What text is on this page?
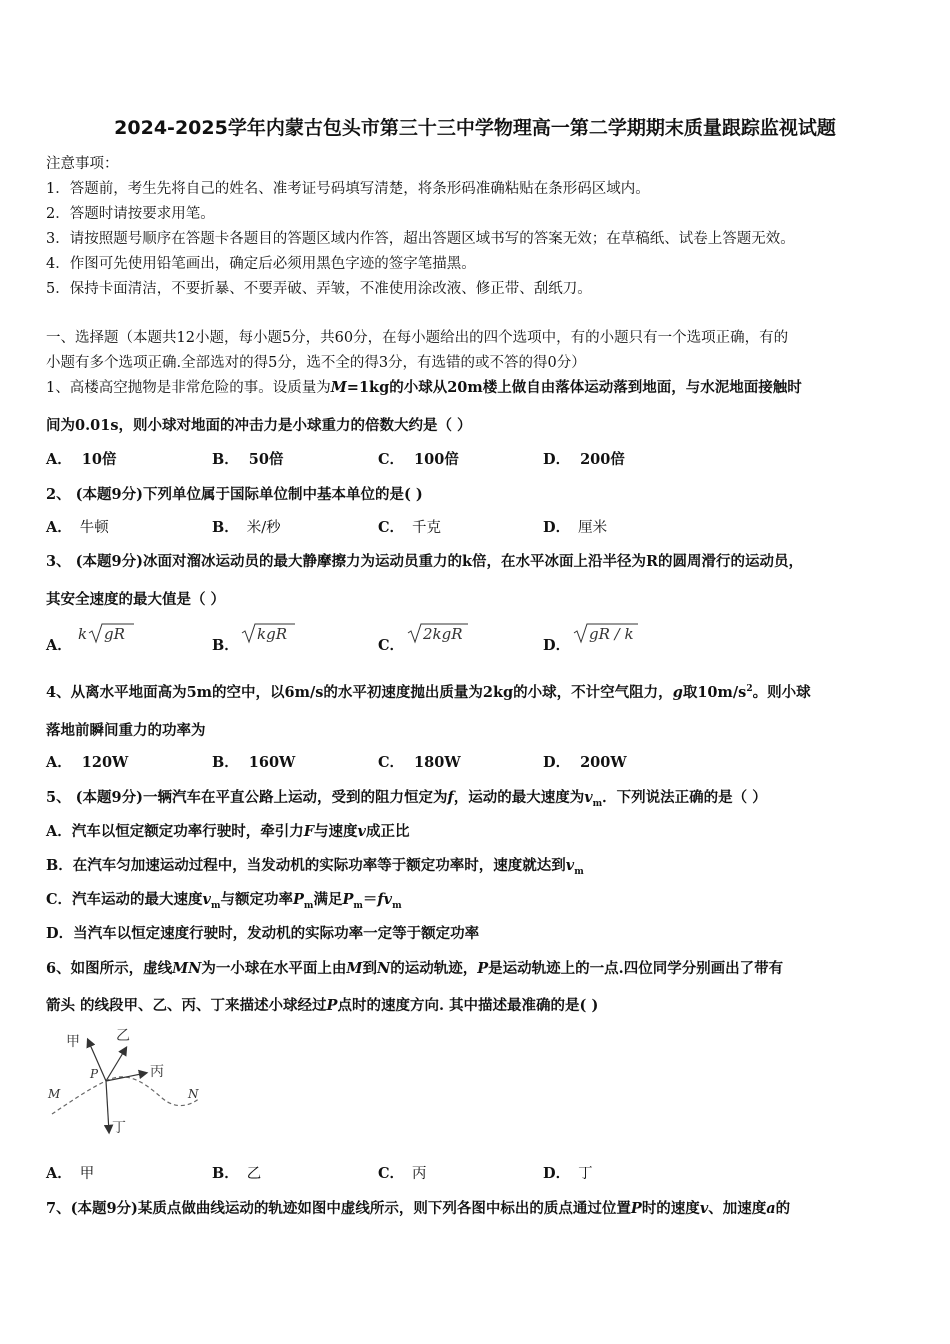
2024-2025学年内蒙古包头市第三十三中学物理高一第二学期期末质量跟踪监视试题
注意事项：
1．答题前，考生先将自己的姓名、准考证号码填写清楚，将条形码准确粘贴在条形码区域内。
2．答题时请按要求用笔。
3．请按照题号顺序在答题卡各题目的答题区域内作答，超出答题区域书写的答案无效；在草稿纸、试卷上答题无效。
4．作图可先使用铅笔画出，确定后必须用黑色字迹的签字笔描黑。
5．保持卡面清洁，不要折暴、不要弄破、弄皱，不准使用涂改液、修正带、刮纸刀。
一、选择题（本题共12小题，每小题5分，共60分，在每小题给出的四个选项中，有的小题只有一个选项正确，有的
小题有多个选项正确.全部选对的得5分，选不全的得3分，有选错的或不答的得0分）
1、高楼高空抛物是非常危险的事。设质量为M=1kg的小球从20m楼上做自由落体运动落到地面，与水泥地面接触时
间为0.01s，则小球对地面的冲击力是小球重力的倍数大约是（ ）
A． 10倍	B． 50倍	C． 100倍	D． 200倍
2、 (本题9分)下列单位属于国际单位制中基本单位的是( )
A． 牛顿	B． 米/秒	C． 千克	D． 厘米
3、 (本题9分)冰面对溜冰运动员的最大静摩擦力为运动员重力的k倍，在水平冰面上沿半径为R的圆周滑行的运动员，
其安全速度的最大值是（ ）
A．
k gR
B．
kgR
C．
2kgR
D．
gR / k
4、从离水平地面高为5m的空中，以6m/s的水平初速度抛出质量为2kg的小球，不计空气阻力，g取$10m/s^2$。则小球
落地前瞬间重力的功率为
A． 120W	B． 160W	C． 180W	D． 200W
5、 (本题9分)一辆汽车在平直公路上运动，受到的阻力恒定为f，运动的最大速度为$v_m$．下列说法正确的是（ ）
A．汽车以恒定额定功率行驶时，牵引力F与速度v成正比
B．在汽车匀加速运动过程中，当发动机的实际功率等于额定功率时，速度就达到$v_m$
C．汽车运动的最大速度$v_m$与额定功率$P_m$满足$P_m=fv_m$
D．当汽车以恒定速度行驶时，发动机的实际功率一定等于额定功率
6、如图所示，虚线MN为一小球在水平面上由M到N的运动轨迹，P是运动轨迹上的一点.四位同学分别画出了带有
箭头 的线段甲、乙、丙、丁来描述小球经过P点时的速度方向. 其中描述最准确的是( )
甲	乙
丙
丁
M	N
P
A． 甲	B． 乙	C． 丙	D． 丁
7、(本题9分)某质点做曲线运动的轨迹如图中虚线所示，则下列各图中标出的质点通过位置P时的速度v、加速度a的
